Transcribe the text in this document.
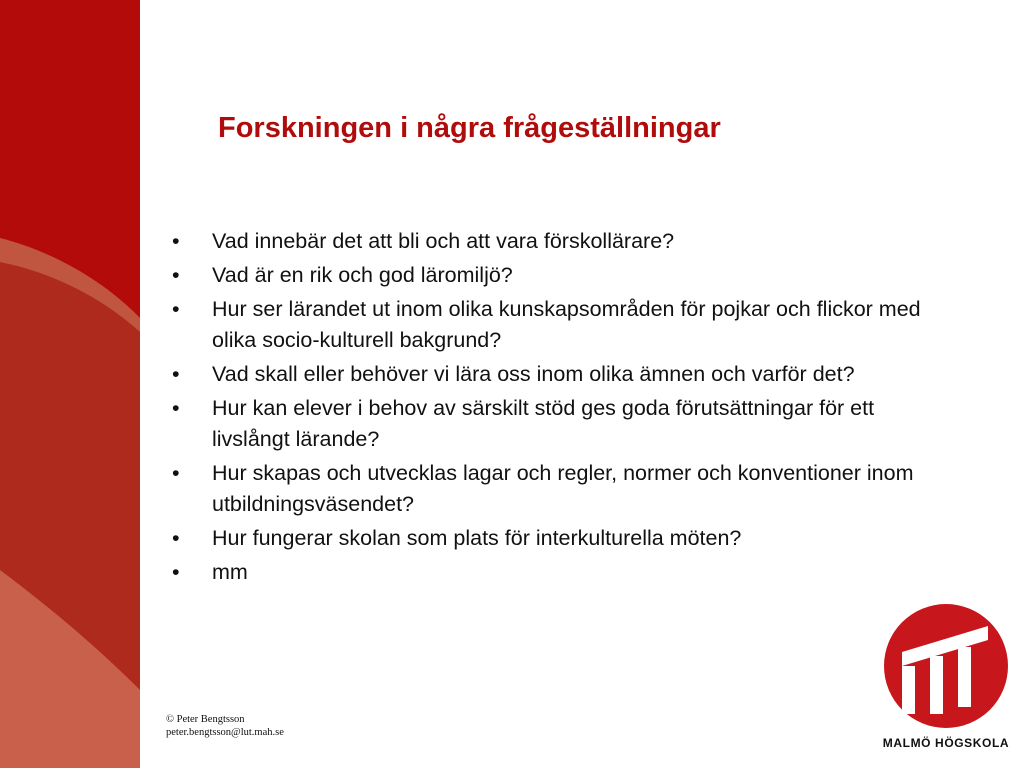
Forskningen i några frågeställningar
• Vad innebär det att bli och att vara förskollärare?
• Vad är en rik och god läromiljö?
• Hur ser lärandet ut inom olika kunskapsområden för pojkar och flickor med olika socio-kulturell bakgrund?
• Vad skall eller behöver vi lära oss inom olika ämnen och varför det?
• Hur kan elever i behov av särskilt stöd ges goda förutsättningar för ett livslångt lärande?
• Hur skapas och utvecklas lagar och regler, normer och konventioner inom utbildningsväsendet?
• Hur fungerar skolan som plats för interkulturella möten?
• mm
© Peter Bengtsson
peter.bengtsson@lut.mah.se
MALMÖ HÖGSKOLA
